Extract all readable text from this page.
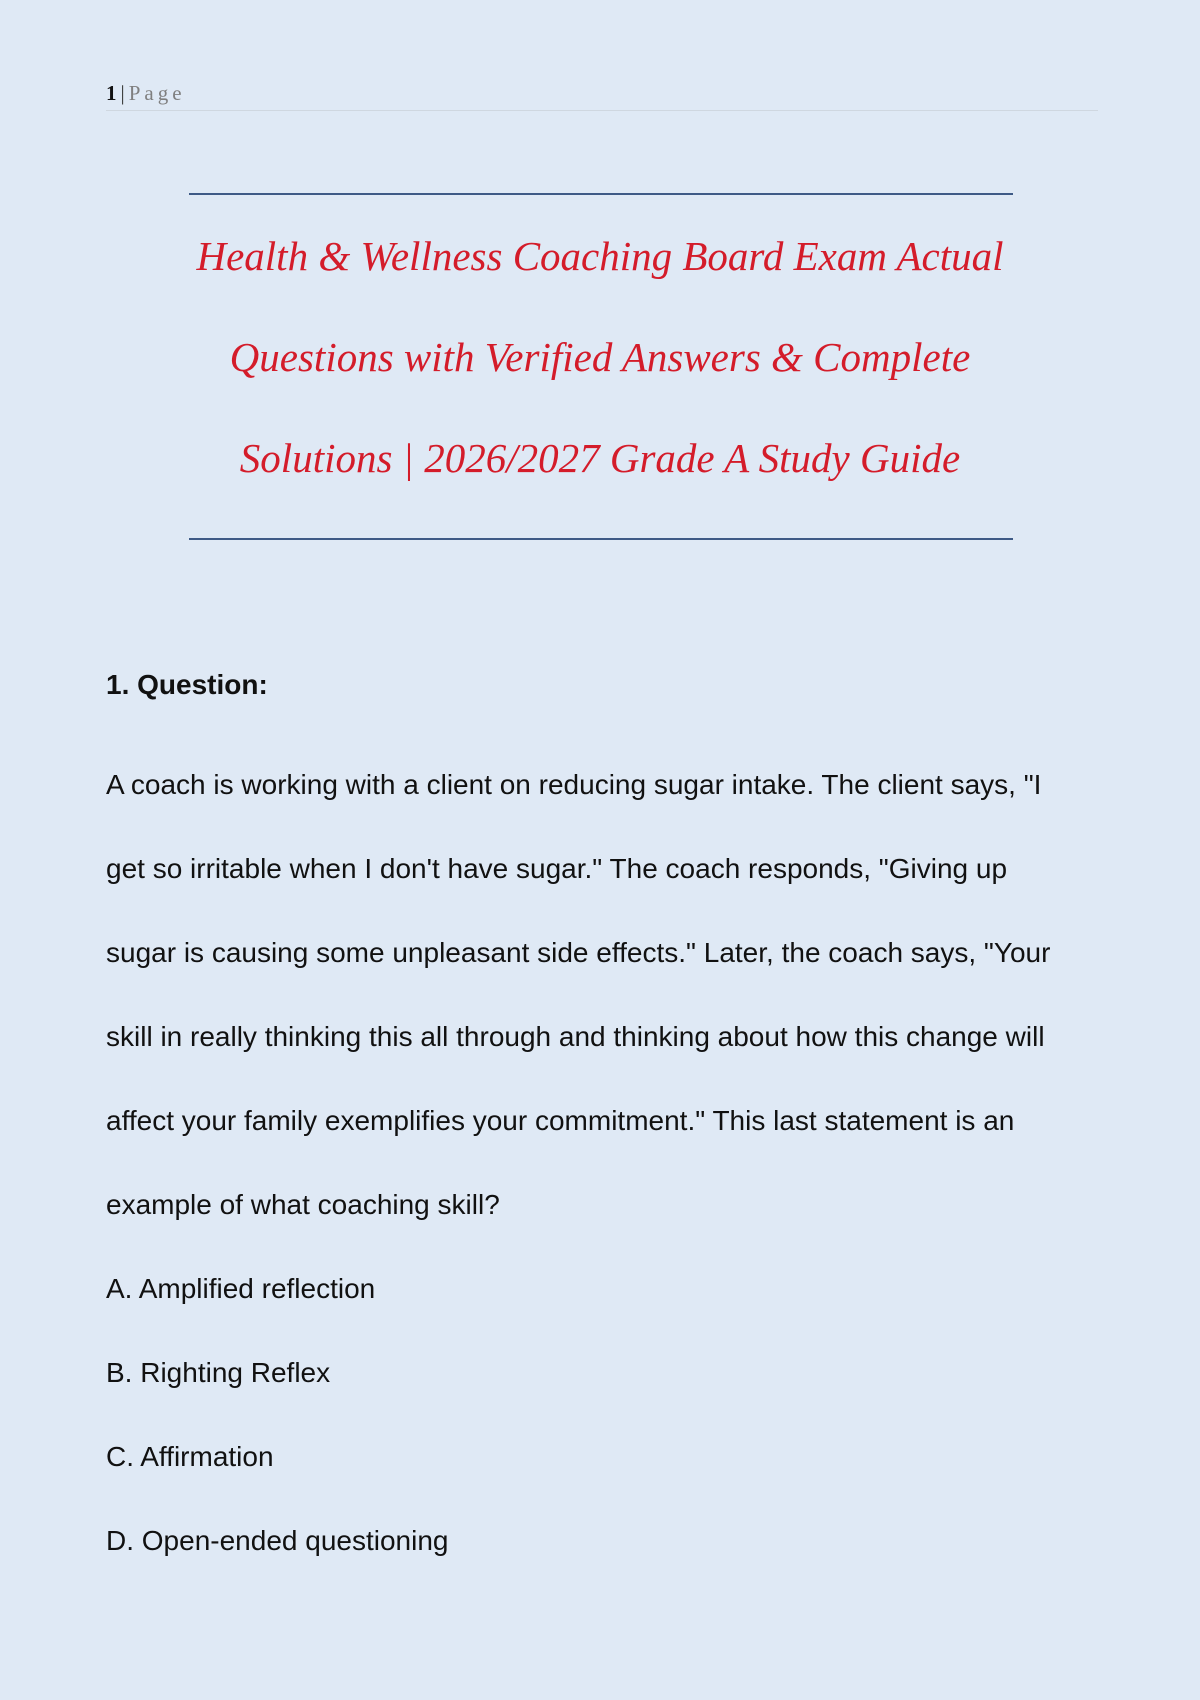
1 | Page
Health & Wellness Coaching Board Exam Actual
Questions with Verified Answers & Complete
Solutions | 2026/2027 Grade A Study Guide
1. Question:

A coach is working with a client on reducing sugar intake. The client says, "I
get so irritable when I don't have sugar." The coach responds, "Giving up
sugar is causing some unpleasant side effects." Later, the coach says, "Your
skill in really thinking this all through and thinking about how this change will
affect your family exemplifies your commitment." This last statement is an
example of what coaching skill?

A. Amplified reflection
B. Righting Reflex
C. Affirmation
D. Open-ended questioning
